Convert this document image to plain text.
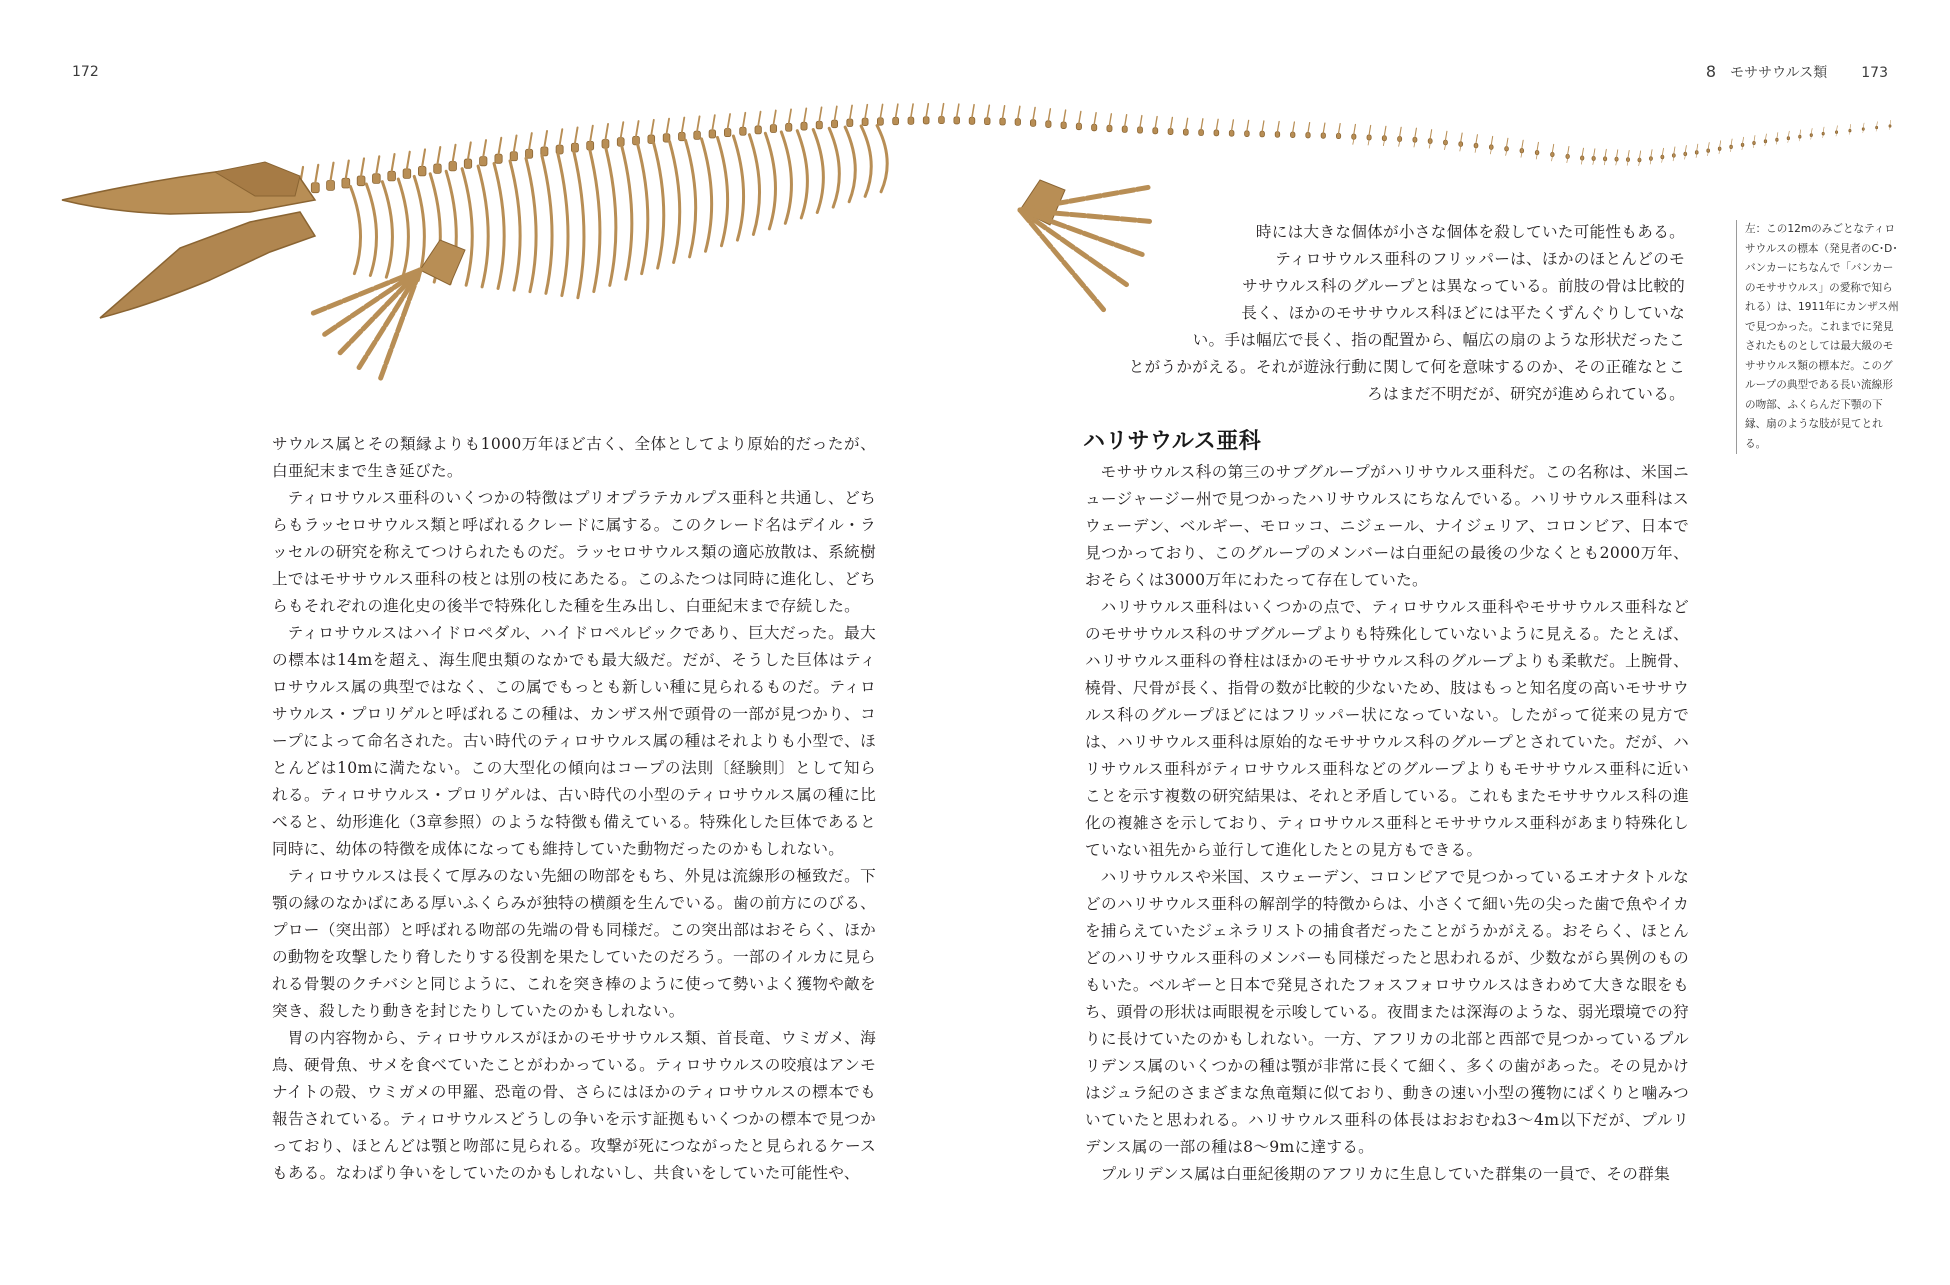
172	8 モササウルス類 173

時には大きな個体が小さな個体を殺していた可能性もある。

ティロサウルス亜科のフリッパーは、ほかのほとんどのモ

ササウルス科のグループとは異なっている。前肢の骨は比較的

長く、ほかのモササウルス科ほどには平たくずんぐりしていな

い。手は幅広で長く、指の配置から、幅広の扇のような形状だったこ

とがうかがえる。それが遊泳行動に関して何を意味するのか、その正確なとこ

ろはまだ不明だが、研究が進められている。

左：この12mのみごとなティロサウルスの標本（発見者のC･D･バンカーにちなんで「バンカーのモササウルス」の愛称で知られる）は、1911年にカンザス州で見つかった。これまでに発見されたものとしては最大級のモササウルス類の標本だ。このグループの典型である長い流線形の吻部、ふくらんだ下顎の下縁、扇のような肢が見てとれる。

サウルス属とその類縁よりも1000万年ほど古く、全体としてより原始的だったが、白亜紀末まで生き延びた。

ティロサウルス亜科のいくつかの特徴はプリオプラテカルプス亜科と共通し、どちらもラッセロサウルス類と呼ばれるクレードに属する。このクレード名はデイル・ラッセルの研究を称えてつけられたものだ。ラッセロサウルス類の適応放散は、系統樹上ではモササウルス亜科の枝とは別の枝にあたる。このふたつは同時に進化し、どちらもそれぞれの進化史の後半で特殊化した種を生み出し、白亜紀末まで存続した。

ティロサウルスはハイドロペダル、ハイドロペルビックであり、巨大だった。最大の標本は14mを超え、海生爬虫類のなかでも最大級だ。だが、そうした巨体はティロサウルス属の典型ではなく、この属でもっとも新しい種に見られるものだ。ティロサウルス・プロリゲルと呼ばれるこの種は、カンザス州で頭骨の一部が見つかり、コープによって命名された。古い時代のティロサウルス属の種はそれよりも小型で、ほとんどは10mに満たない。この大型化の傾向はコープの法則〔経験則〕として知られる。ティロサウルス・プロリゲルは、古い時代の小型のティロサウルス属の種に比べると、幼形進化（3章参照）のような特徴も備えている。特殊化した巨体であると同時に、幼体の特徴を成体になっても維持していた動物だったのかもしれない。

ティロサウルスは長くて厚みのない先細の吻部をもち、外見は流線形の極致だ。下顎の縁のなかばにある厚いふくらみが独特の横顔を生んでいる。歯の前方にのびる、プロー（突出部）と呼ばれる吻部の先端の骨も同様だ。この突出部はおそらく、ほかの動物を攻撃したり脅したりする役割を果たしていたのだろう。一部のイルカに見られる骨製のクチバシと同じように、これを突き棒のように使って勢いよく獲物や敵を突き、殺したり動きを封じたりしていたのかもしれない。

胃の内容物から、ティロサウルスがほかのモササウルス類、首長竜、ウミガメ、海鳥、硬骨魚、サメを食べていたことがわかっている。ティロサウルスの咬痕はアンモナイトの殻、ウミガメの甲羅、恐竜の骨、さらにはほかのティロサウルスの標本でも報告されている。ティロサウルスどうしの争いを示す証拠もいくつかの標本で見つかっており、ほとんどは顎と吻部に見られる。攻撃が死につながったと見られるケースもある。なわばり争いをしていたのかもしれないし、共食いをしていた可能性や、

ハリサウルス亜科

モササウルス科の第三のサブグループがハリサウルス亜科だ。この名称は、米国ニュージャージー州で見つかったハリサウルスにちなんでいる。ハリサウルス亜科はスウェーデン、ベルギー、モロッコ、ニジェール、ナイジェリア、コロンビア、日本で見つかっており、このグループのメンバーは白亜紀の最後の少なくとも2000万年、おそらくは3000万年にわたって存在していた。

ハリサウルス亜科はいくつかの点で、ティロサウルス亜科やモササウルス亜科などのモササウルス科のサブグループよりも特殊化していないように見える。たとえば、ハリサウルス亜科の脊柱はほかのモササウルス科のグループよりも柔軟だ。上腕骨、橈骨、尺骨が長く、指骨の数が比較的少ないため、肢はもっと知名度の高いモササウルス科のグループほどにはフリッパー状になっていない。したがって従来の見方では、ハリサウルス亜科は原始的なモササウルス科のグループとされていた。だが、ハリサウルス亜科がティロサウルス亜科などのグループよりもモササウルス亜科に近いことを示す複数の研究結果は、それと矛盾している。これもまたモササウルス科の進化の複雑さを示しており、ティロサウルス亜科とモササウルス亜科があまり特殊化していない祖先から並行して進化したとの見方もできる。

ハリサウルスや米国、スウェーデン、コロンビアで見つかっているエオナタトルなどのハリサウルス亜科の解剖学的特徴からは、小さくて細い先の尖った歯で魚やイカを捕らえていたジェネラリストの捕食者だったことがうかがえる。おそらく、ほとんどのハリサウルス亜科のメンバーも同様だったと思われるが、少数ながら異例のものもいた。ベルギーと日本で発見されたフォスフォロサウルスはきわめて大きな眼をもち、頭骨の形状は両眼視を示唆している。夜間または深海のような、弱光環境での狩りに長けていたのかもしれない。一方、アフリカの北部と西部で見つかっているプルリデンス属のいくつかの種は顎が非常に長くて細く、多くの歯があった。その見かけはジュラ紀のさまざまな魚竜類に似ており、動きの速い小型の獲物にぱくりと噛みついていたと思われる。ハリサウルス亜科の体長はおおむね3～4m以下だが、プルリデンス属の一部の種は8～9mに達する。

プルリデンス属は白亜紀後期のアフリカに生息していた群集の一員で、その群集
